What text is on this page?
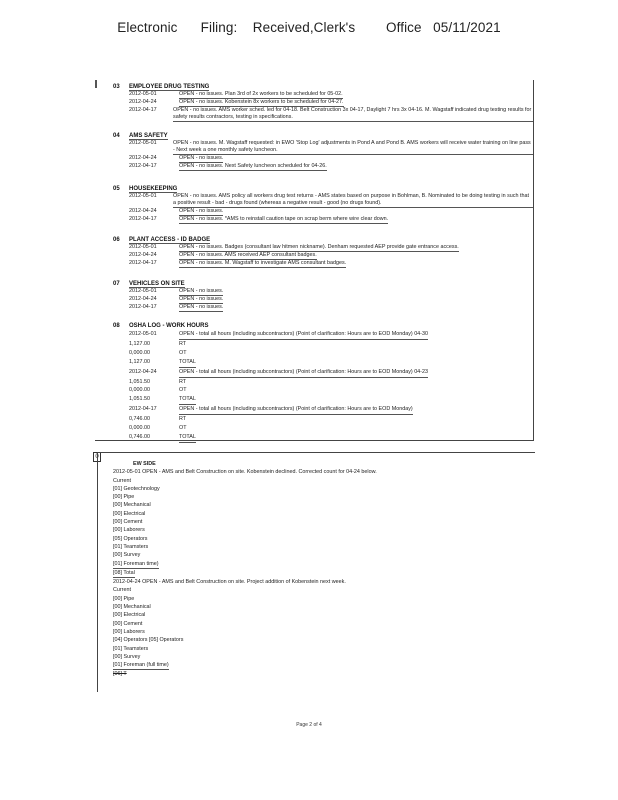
Electronic      Filing:    Received,Clerk's        Office   05/11/2021
03 EMPLOYEE DRUG TESTING
2012-05-01	OPEN - no issues. Plan 3rd of 2x workers to be scheduled for 05-02.
2012-04-24	OPEN - no issues. Kobenstein 8x workers to be scheduled for 04-27.
2012-04-17	OPEN - no issues. AMS worker sched. led for 04-18. Belt Construction 3x 04-17, Daylight 7 hrs 3x 04-16. M. Wagstaff indicated drug testing results for safety results contractors, testing in specifications.
04 AMS SAFETY
2012-05-01	OPEN - no issues. M. Wagstaff requested: in EWO 'Stop Log' adjustments in Pond A and Pond B. AMS workers will receive water training on line pass - Next week a one monthly safety luncheon.
2012-04-24	OPEN - no issues.
2012-04-17	OPEN - no issues. Next Safety luncheon scheduled for 04-26.
05 HOUSEKEEPING
2012-05-01	OPEN - no issues. AMS policy all workers drug test returns - AMS states based on purpose in Bohlman, B. Nominated to be doing testing in such that a positive result - bad - drugs found (whereas a negative result - good (no drugs found).
2012-04-24	OPEN - no issues.
2012-04-17	OPEN - no issues. *AMS to reinstall caution tape on scrap berm where wire clear down.
06 PLANT ACCESS - ID BADGE
2012-05-01	OPEN - no issues. Badges (consultant law hitmen nickname). Denham requested AEP provide gate entrance access.
2012-04-24	OPEN - no issues. AMS received AEP consultant badges.
2012-04-17	OPEN - no issues. M. Wagstaff to investigate AMS consultant badges.
07 VEHICLES ON SITE
2012-05-01	OPEN - no issues.
2012-04-24	OPEN - no issues.
2012-04-17	OPEN - no issues.
08 OSHA LOG - WORK HOURS
2012-05-01	OPEN - total all hours (including subcontractors) (Point of clarification: Hours are to EOD Monday) 04-30
1,127.00	RT
0,000.00	OT
1,127.00	TOTAL
2012-04-24	OPEN - total all hours (including subcontractors) (Point of clarification: Hours are to EOD Monday) 04-23
1,051.50	RT
0,000.00	OT
1,051.50	TOTAL
2012-04-17	OPEN - total all hours (including subcontractors) (Point of clarification: Hours are to EOD Monday)
0,746.00	RT
0,000.00	OT
0,746.00	TOTAL
0
EW SIDE
2012-05-01 OPEN - AMS and Belt Construction on site. Kobenstein declined. Corrected count for 04-24 below.
Current
[01] Geotechnology
[00] Pipe
[00] Mechanical
[00] Electrical
[00] Cement
[00] Laborers
[05] Operators
[01] Teamsters
[00] Survey
[01] Foreman time)
[08] Total
2012-04-24 OPEN - AMS and Belt Construction on site. Project addition of Kobenstein next week.
Current
[00] Pipe
[00] Mechanical
[00] Electrical
[00] Cement
[00] Laborers
[04] Operators [05] Operators
[01] Teamsters
[00] Survey
[01] Foreman (full time)
[06] T
Page 2 of 4
